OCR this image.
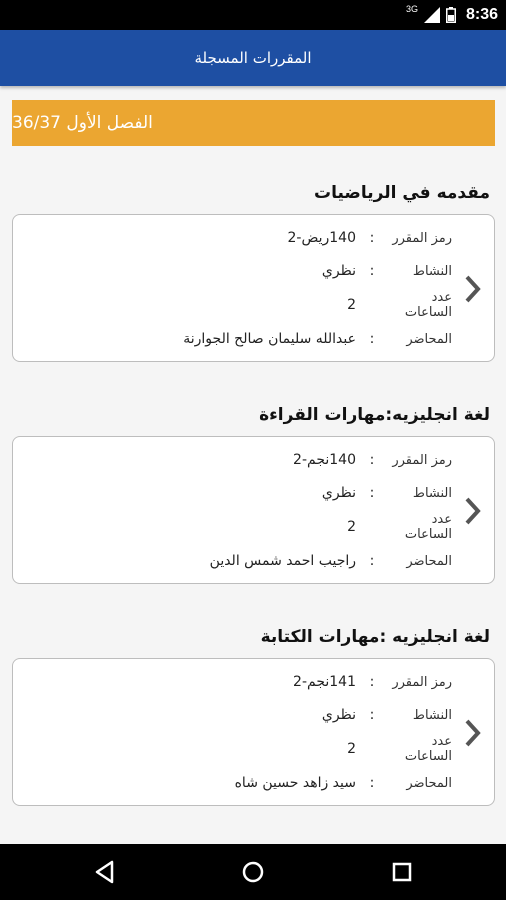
3G	8:36
المقررات المسجلة
الفصل الأول 36/37
مقدمه في الرياضيات
رمز المقرر
:
140ريض-2
النشاط
:
نظري
عدد الساعات
2
المحاضر
:
عبدالله سليمان صالح الجوارنة
لغة انجليزيه:مهارات القراءة
رمز المقرر
:
140نجم-2
النشاط
:
نظري
عدد الساعات
2
المحاضر
:
راجيب احمد شمس الدين
لغة انجليزيه :مهارات الكتابة
رمز المقرر
:
141نجم-2
النشاط
:
نظري
عدد الساعات
2
المحاضر
:
سيد زاهد حسين شاه
